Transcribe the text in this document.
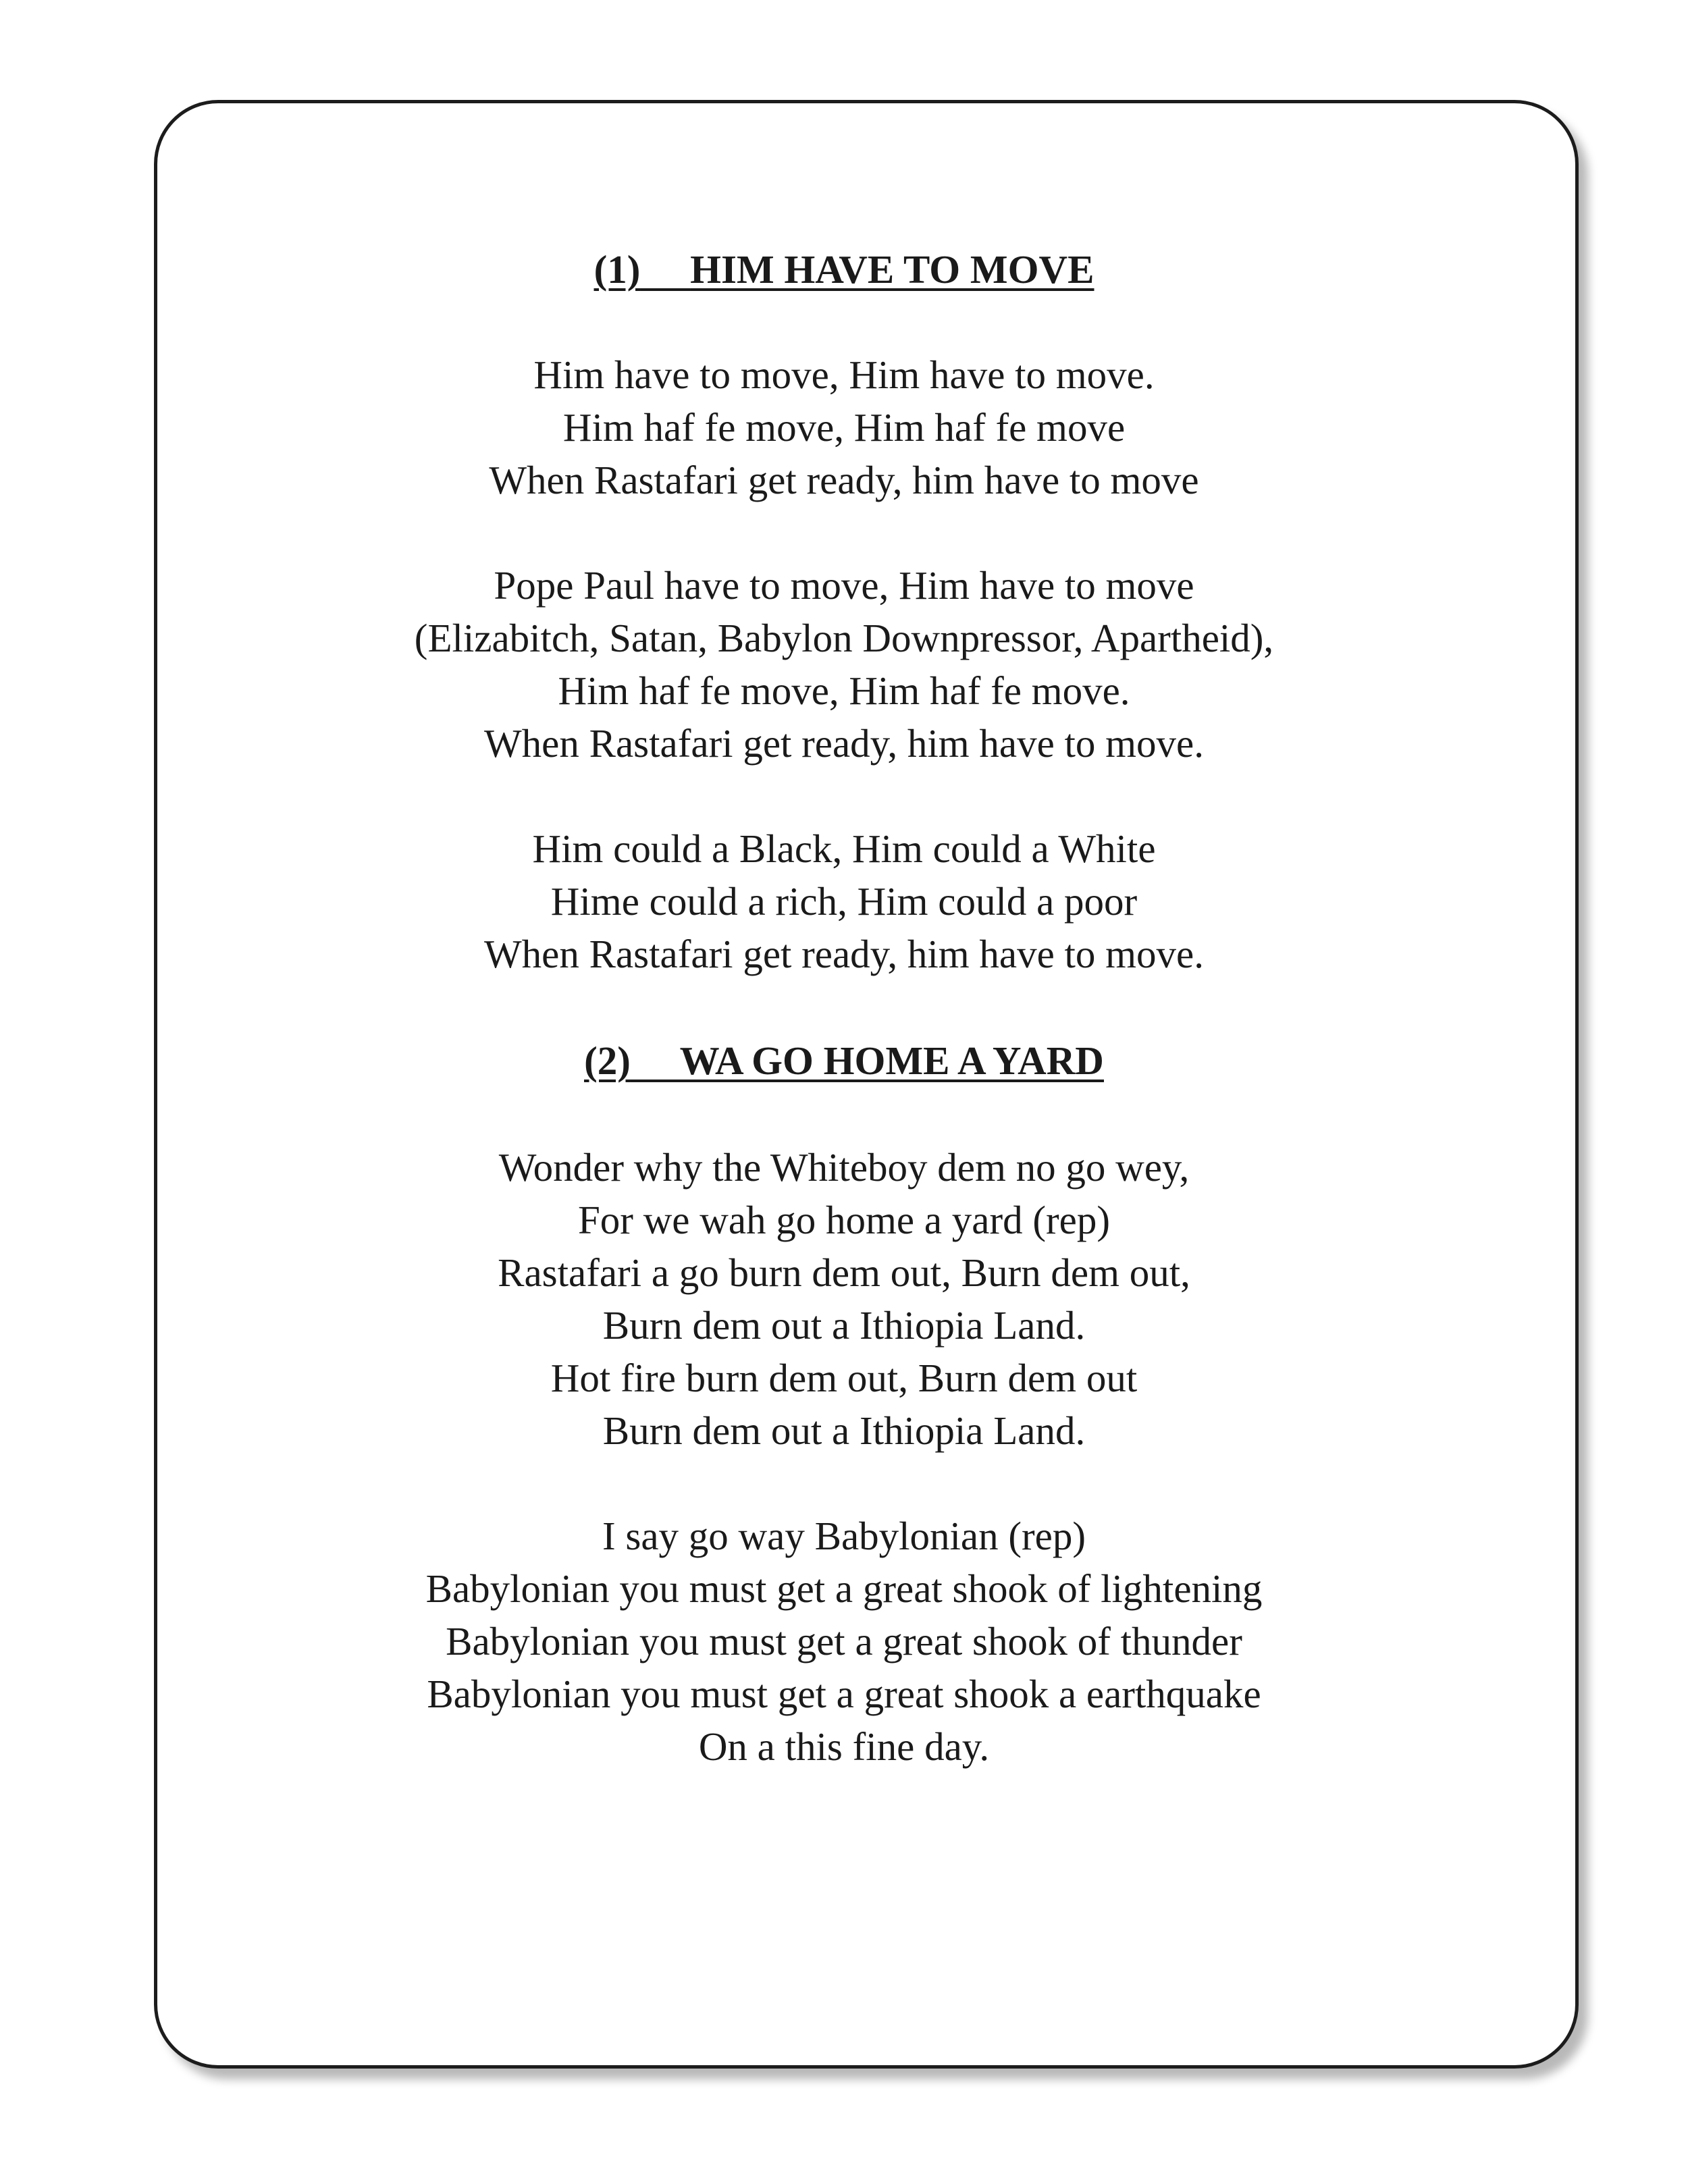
(1) HIM HAVE TO MOVE
Him have to move, Him have to move.
Him haf fe move, Him haf fe move
When Rastafari get ready, him have to move
Pope Paul have to move, Him have to move
(Elizabitch, Satan, Babylon Downpressor, Apartheid),
Him haf fe move, Him haf fe move.
When Rastafari get ready, him have to move.
Him could a Black, Him could a White
Hime could a rich, Him could a poor
When Rastafari get ready, him have to move.
(2) WA GO HOME A YARD
Wonder why the Whiteboy dem no go wey,
For we wah go home a yard (rep)
Rastafari a go burn dem out, Burn dem out,
Burn dem out a Ithiopia Land.
Hot fire burn dem out, Burn dem out
Burn dem out a Ithiopia Land.
I say go way Babylonian (rep)
Babylonian you must get a great shook of lightening
Babylonian you must get a great shook of thunder
Babylonian you must get a great shook a earthquake
On a this fine day.
